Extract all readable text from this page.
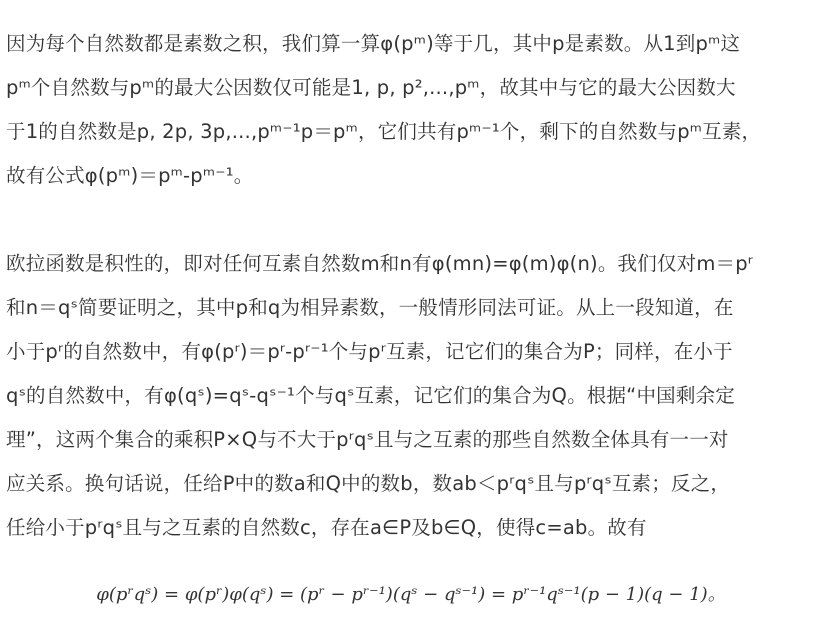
因为每个自然数都是素数之积，我们算一算φ(pᵐ)等于几，其中p是素数。从1到pᵐ这

pᵐ个自然数与pᵐ的最大公因数仅可能是1, p, p²,...,pᵐ，故其中与它的最大公因数大

于1的自然数是p, 2p, 3p,...,pᵐ⁻¹p＝pᵐ，它们共有pᵐ⁻¹个，剩下的自然数与pᵐ互素，

故有公式φ(pᵐ)＝pᵐ-pᵐ⁻¹。

欧拉函数是积性的，即对任何互素自然数m和n有φ(mn)=φ(m)φ(n)。我们仅对m＝pʳ

和n＝qˢ简要证明之，其中p和q为相异素数，一般情形同法可证。从上一段知道，在

小于pʳ的自然数中，有φ(pʳ)＝pʳ-pʳ⁻¹个与pʳ互素，记它们的集合为P；同样，在小于

qˢ的自然数中，有φ(qˢ)=qˢ-qˢ⁻¹个与qˢ互素，记它们的集合为Q。根据“中国剩余定

理”，这两个集合的乘积P×Q与不大于pʳqˢ且与之互素的那些自然数全体具有一一对

应关系。换句话说，任给P中的数a和Q中的数b，数ab＜pʳqˢ且与pʳqˢ互素；反之，

任给小于pʳqˢ且与之互素的自然数c，存在a∈P及b∈Q，使得c=ab。故有

φ(pʳqˢ) = φ(pʳ)φ(qˢ) = (pʳ − pʳ⁻¹)(qˢ − qˢ⁻¹) = pʳ⁻¹qˢ⁻¹(p − 1)(q − 1)。
